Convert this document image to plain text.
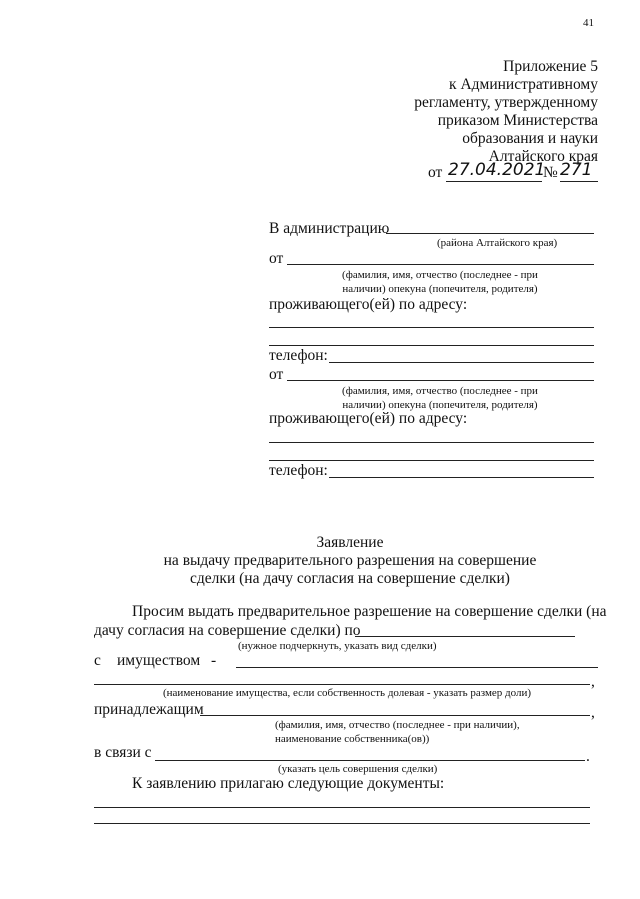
41
Приложение 5
к Административному
регламенту, утвержденному
приказом Министерства
образования и науки
Алтайского края
от 27.04.2021
№ 271
В администрацию
(района Алтайского края)
от
(фамилия, имя, отчество (последнее - при
наличии) опекуна (попечителя, родителя)
проживающего(ей) по адресу:
телефон:
от
(фамилия, имя, отчество (последнее - при
наличии) опекуна (попечителя, родителя)
проживающего(ей) по адресу:
телефон:
Заявление
на выдачу предварительного разрешения на совершение
сделки (на дачу согласия на совершение сделки)
Просим выдать предварительное разрешение на совершение сделки (на
дачу согласия на совершение сделки) по
(нужное подчеркнуть, указать вид сделки)
с имуществом -
,
(наименование имущества, если собственность долевая - указать размер доли)
принадлежащим	,
(фамилия, имя, отчество (последнее - при наличии),
наименование собственника(ов))
в связи с	.
(указать цель совершения сделки)
К заявлению прилагаю следующие документы:
